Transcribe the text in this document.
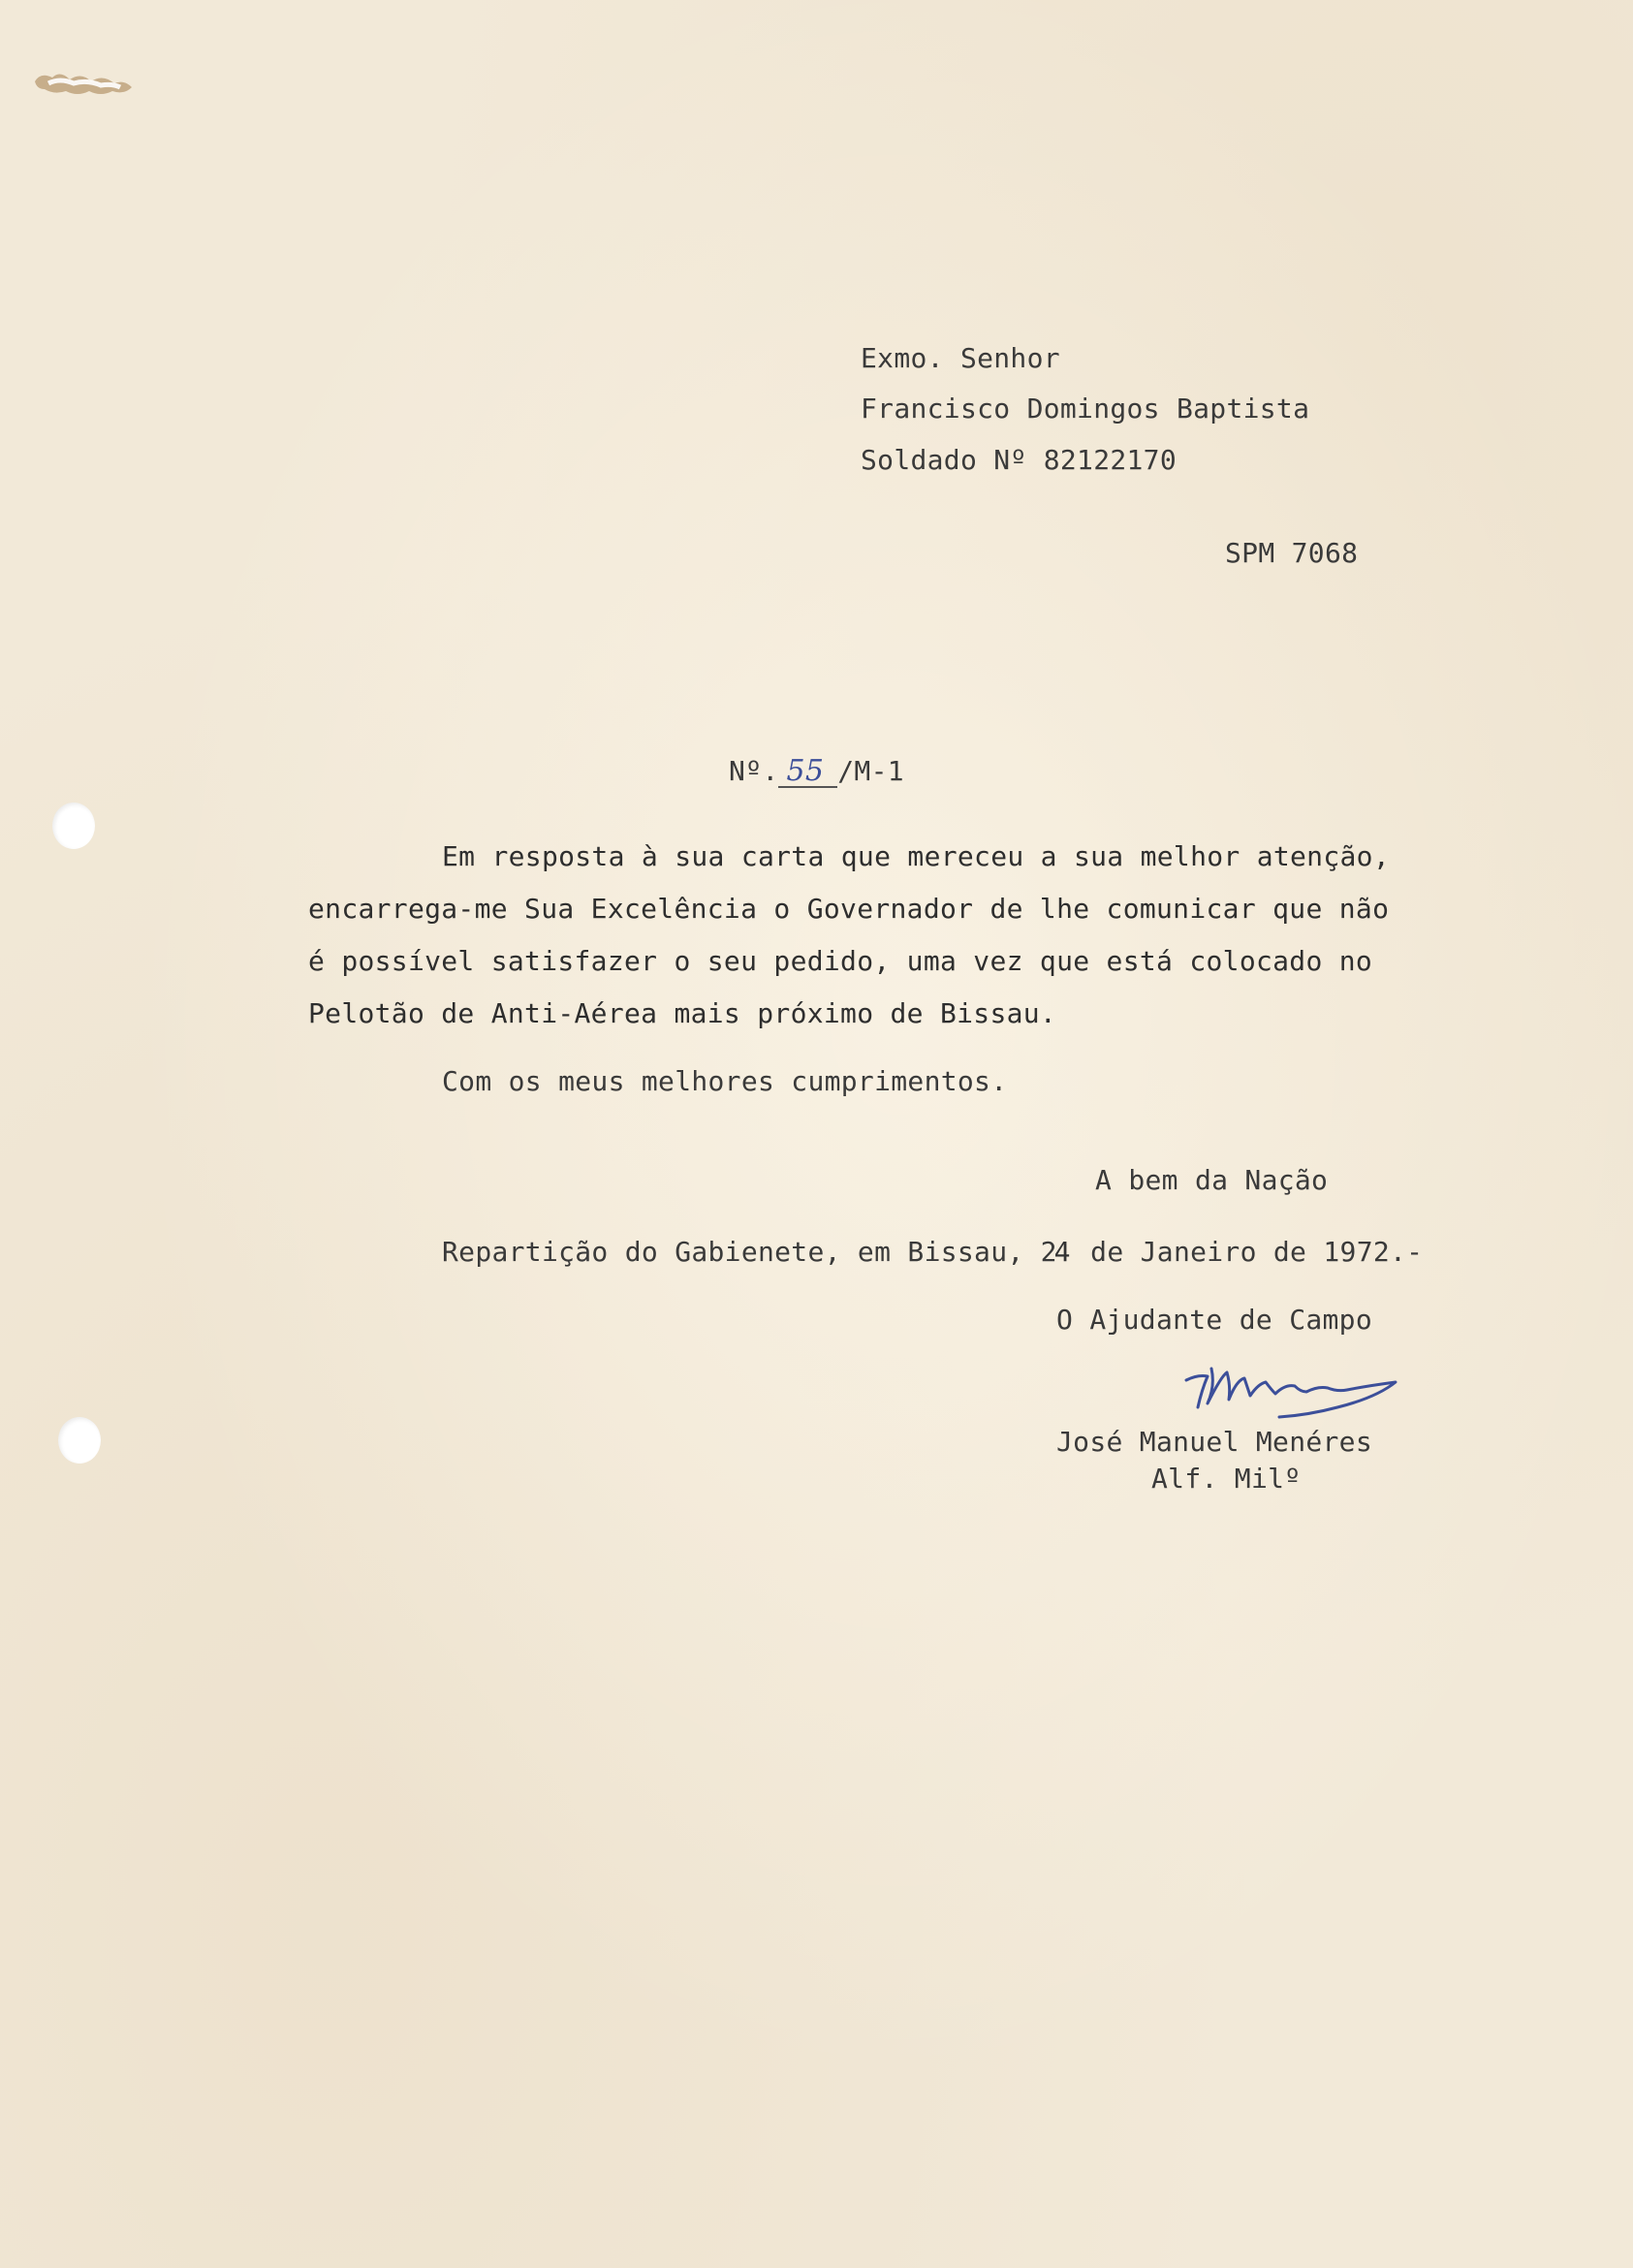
Exmo. Senhor
Francisco Domingos Baptista
Soldado Nº 82122170
SPM 7068
Nº. 55 /M-1
Em resposta à sua carta que mereceu a sua melhor atenção,
encarrega-me Sua Excelência o Governador de lhe comunicar que não
é possível satisfazer o seu pedido, uma vez que está colocado no
Pelotão de Anti-Aérea mais próximo de Bissau.
Com os meus melhores cumprimentos.
A bem da Nação
Repartição do Gabienete, em Bissau, 2
4 de Janeiro de 1972.-
O Ajudante de Campo
José Manuel Menéres
Alf. Milº
